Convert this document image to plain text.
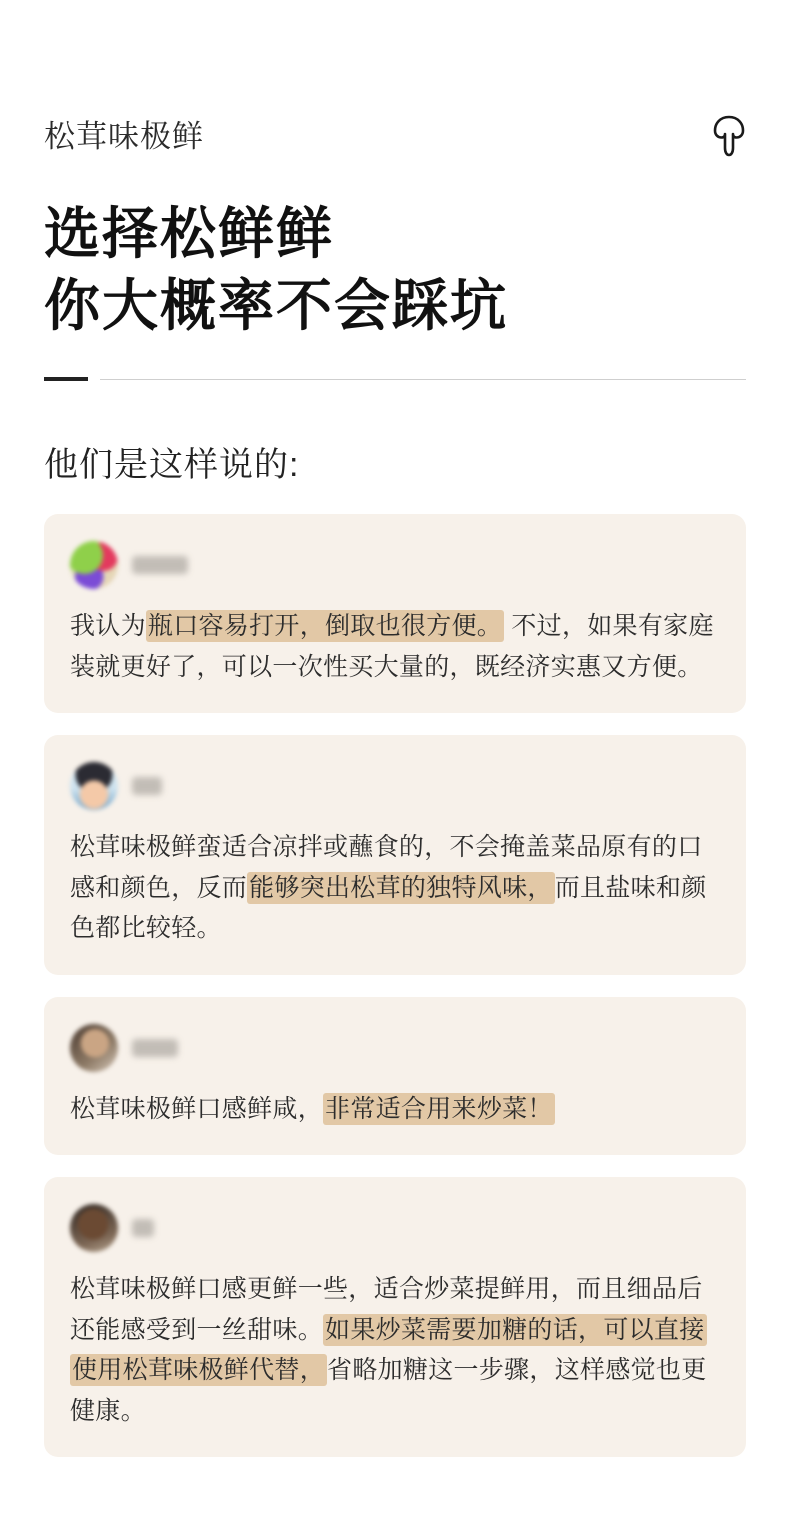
松茸味极鲜
选择松鲜鲜
你大概率不会踩坑
他们是这样说的:
我认为瓶口容易打开，倒取也很方便。 不过，如果有家庭装就更好了，可以一次性买大量的，既经济实惠又方便。
松茸味极鲜蛮适合凉拌或蘸食的，不会掩盖菜品原有的口感和颜色，反而能够突出松茸的独特风味，而且盐味和颜色都比较轻。
松茸味极鲜口感鲜咸，非常适合用来炒菜！
松茸味极鲜口感更鲜一些，适合炒菜提鲜用，而且细品后还能感受到一丝甜味。如果炒菜需要加糖的话，可以直接使用松茸味极鲜代替，省略加糖这一步骤，这样感觉也更健康。
